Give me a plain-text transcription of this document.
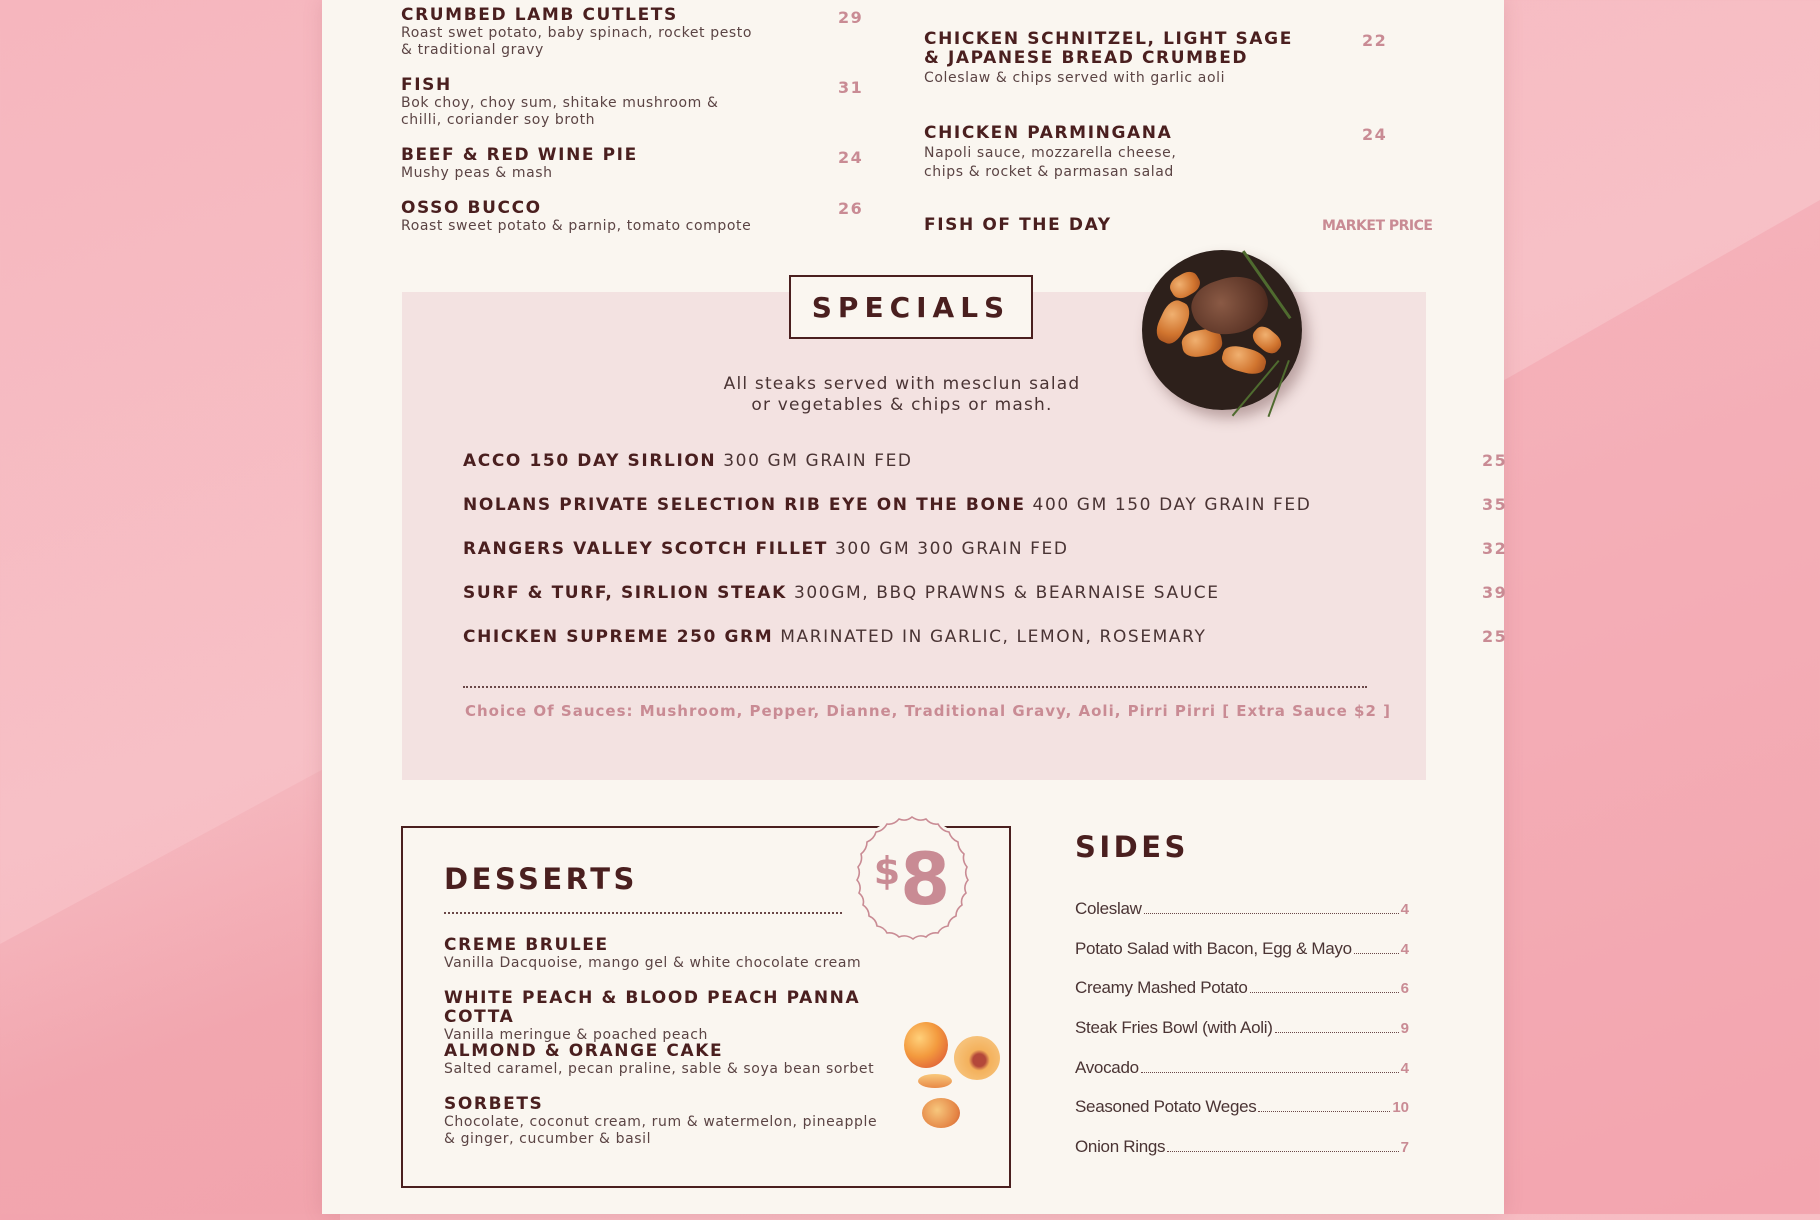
CRUMBED LAMB CUTLETS
Roast swet potato, baby spinach, rocket pesto
& traditional gravy
29
FISH
Bok choy, choy sum, shitake mushroom &
chilli, coriander soy broth
31
BEEF & RED WINE PIE
Mushy peas & mash
24
OSSO BUCCO
Roast sweet potato & parnip, tomato compote
26
CHICKEN SCHNITZEL, LIGHT SAGE
& JAPANESE BREAD CRUMBED
Coleslaw & chips served with garlic aoli
22
CHICKEN PARMINGANA
Napoli sauce, mozzarella cheese,
chips & rocket & parmasan salad
24
FISH OF THE DAY	MARKET PRICE
SPECIALS
All steaks served with mesclun salad
or vegetables & chips or mash.
ACCO 150 DAY SIRLION 300 GM GRAIN FED	25
NOLANS PRIVATE SELECTION RIB EYE ON THE BONE 400 GM 150 DAY GRAIN FED	35
RANGERS VALLEY SCOTCH FILLET 300 GM 300 GRAIN FED	32
SURF & TURF, SIRLION STEAK 300GM, BBQ PRAWNS & BEARNAISE SAUCE	39
CHICKEN SUPREME 250 GRM MARINATED IN GARLIC, LEMON, ROSEMARY	25
Choice Of Sauces: Mushroom, Pepper, Dianne, Traditional Gravy, Aoli, Pirri Pirri [ Extra Sauce $2 ]
DESSERTS	$8
CREME BRULEE
Vanilla Dacquoise, mango gel & white chocolate cream
WHITE PEACH & BLOOD PEACH PANNA COTTA
Vanilla meringue & poached peach
ALMOND & ORANGE CAKE
Salted caramel, pecan praline, sable & soya bean sorbet
SORBETS
Chocolate, coconut cream, rum & watermelon, pineapple
& ginger, cucumber & basil
SIDES
Coleslaw	4
Potato Salad with Bacon, Egg & Mayo	4
Creamy Mashed Potato	6
Steak Fries Bowl (with Aoli)	9
Avocado	4
Seasoned Potato Weges	10
Onion Rings	7
